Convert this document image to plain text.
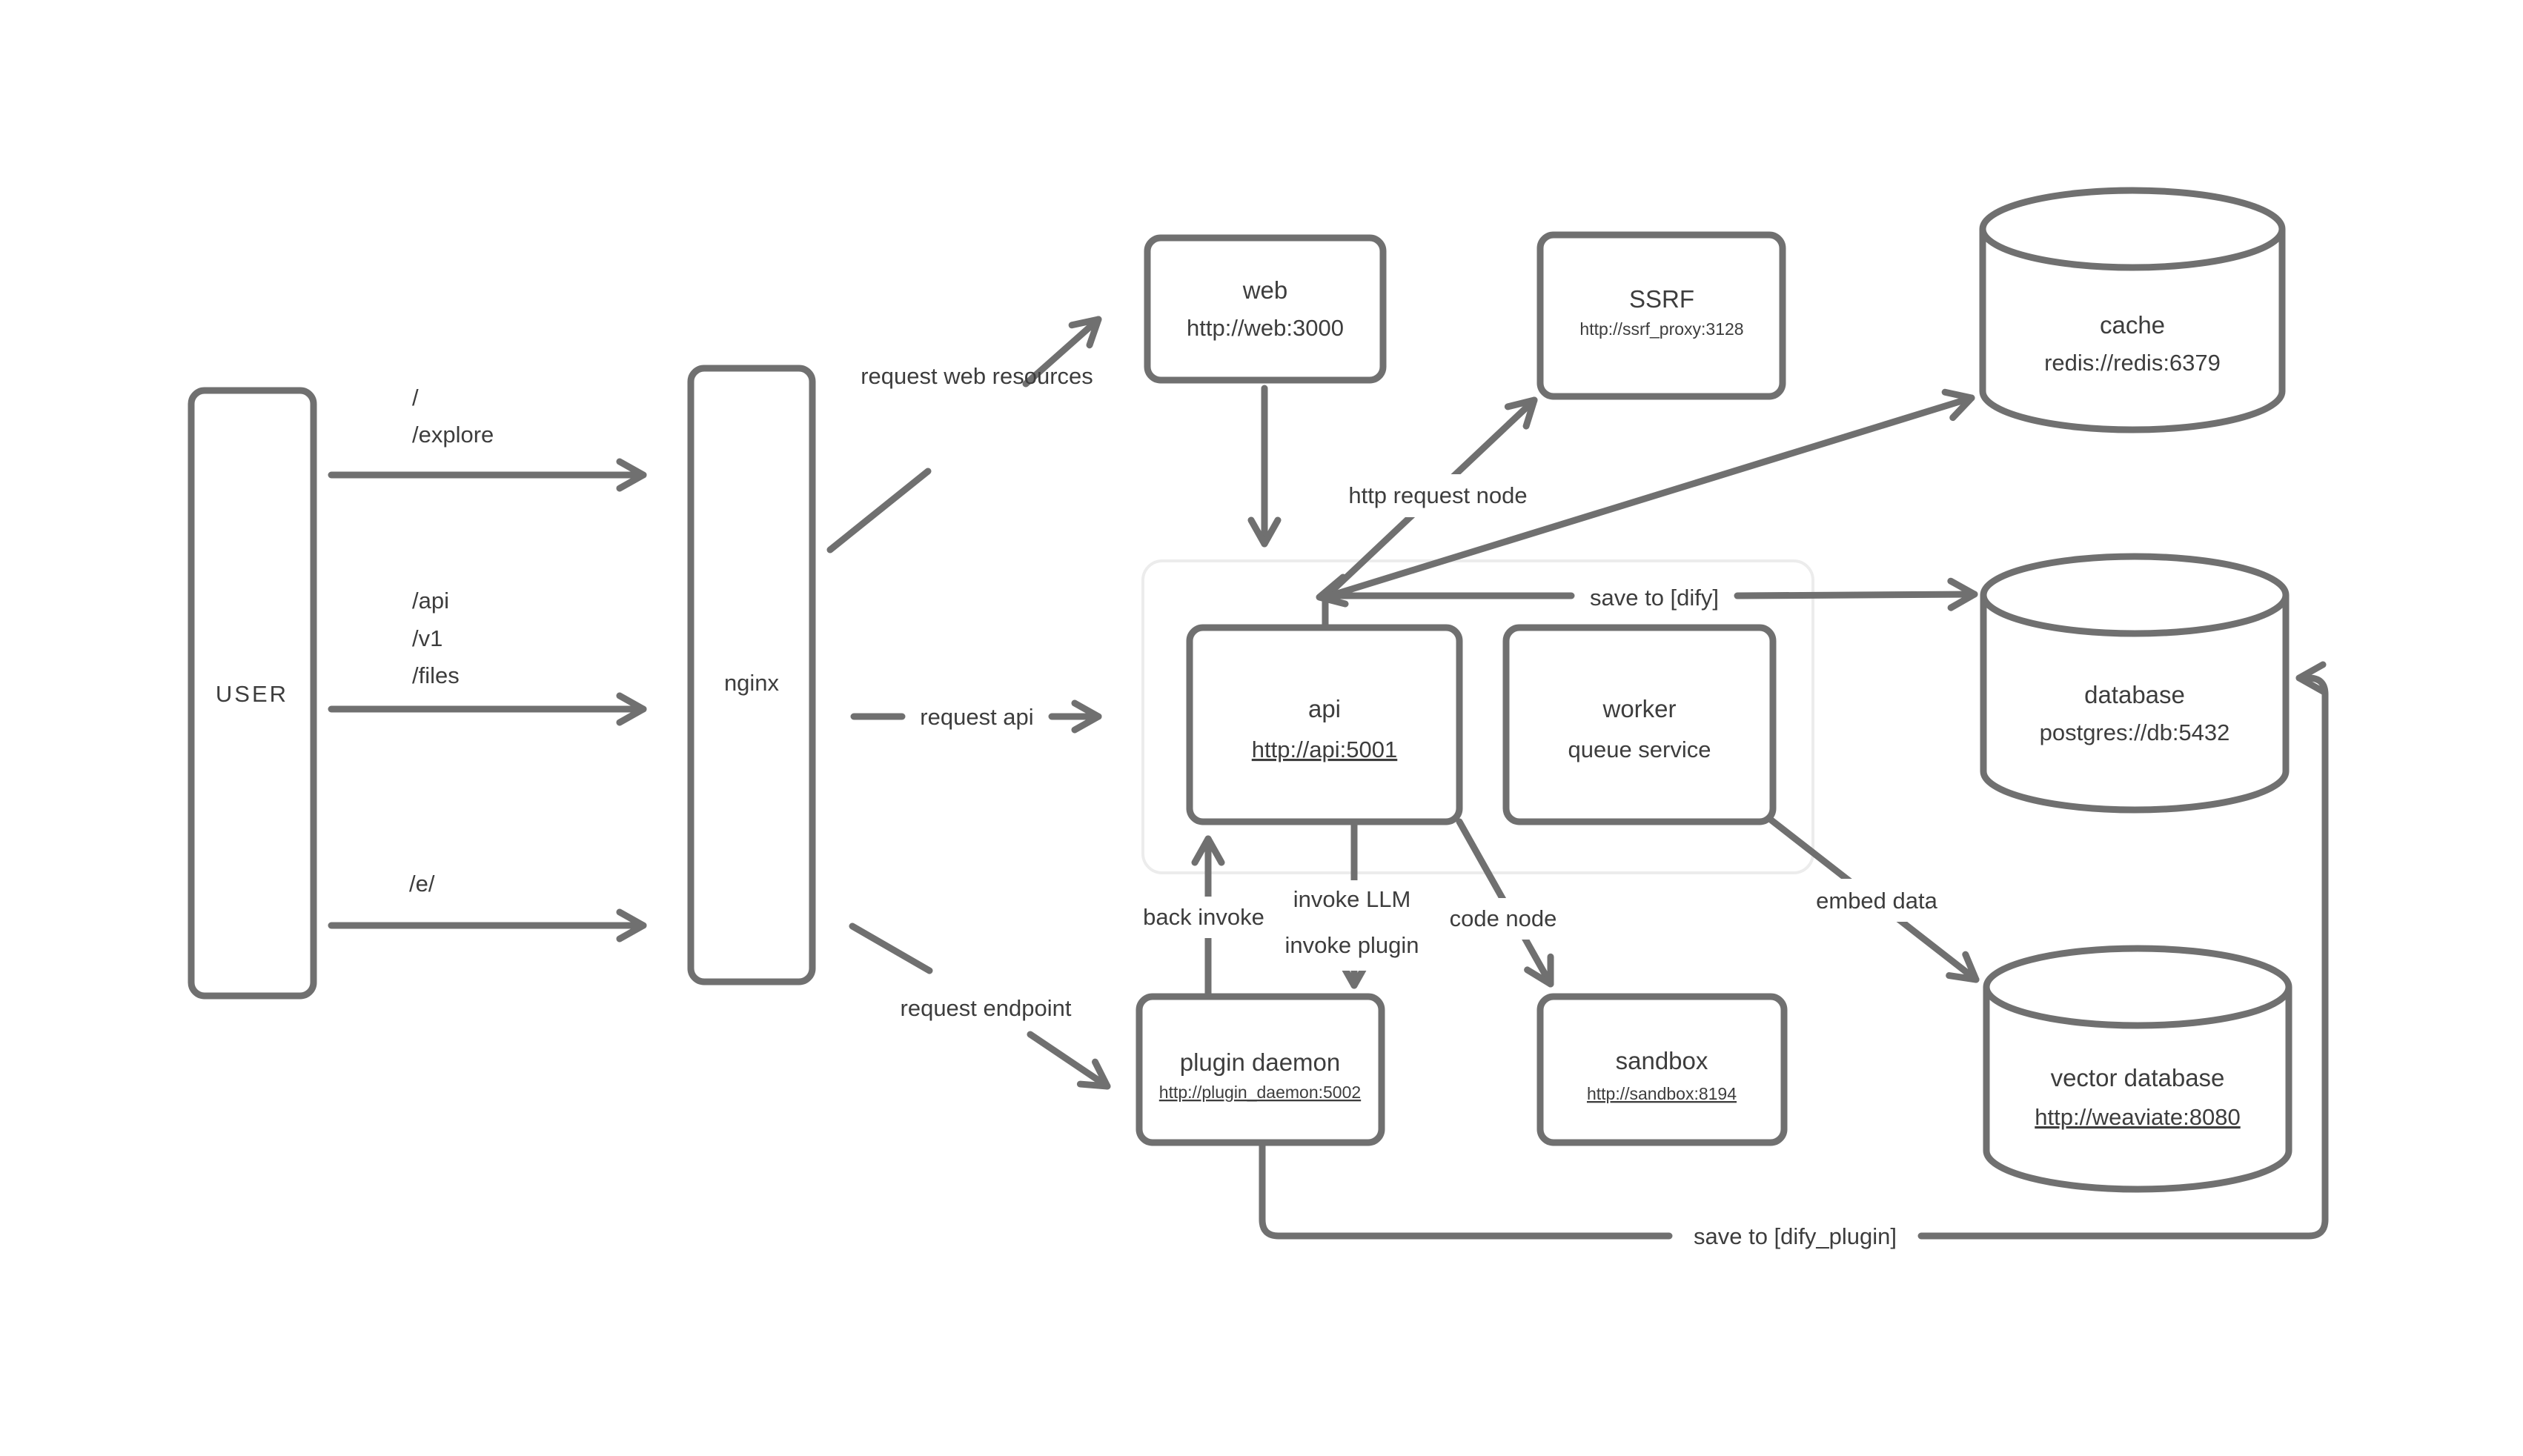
request web resources
request api
request endpoint
http request node
save to [dify]
back invoke
invoke LLM
invoke plugin
code node
embed data
save to [dify_plugin]
/
/explore
/api
/v1
/files
/e/
USER	nginx
web
http://web:3000
SSRF
http://ssrf_proxy:3128
api
http://api:5001
worker
queue service
plugin daemon
http://plugin_daemon:5002
sandbox
http://sandbox:8194
cache
redis://redis:6379
database
postgres://db:5432
vector database
http://weaviate:8080
